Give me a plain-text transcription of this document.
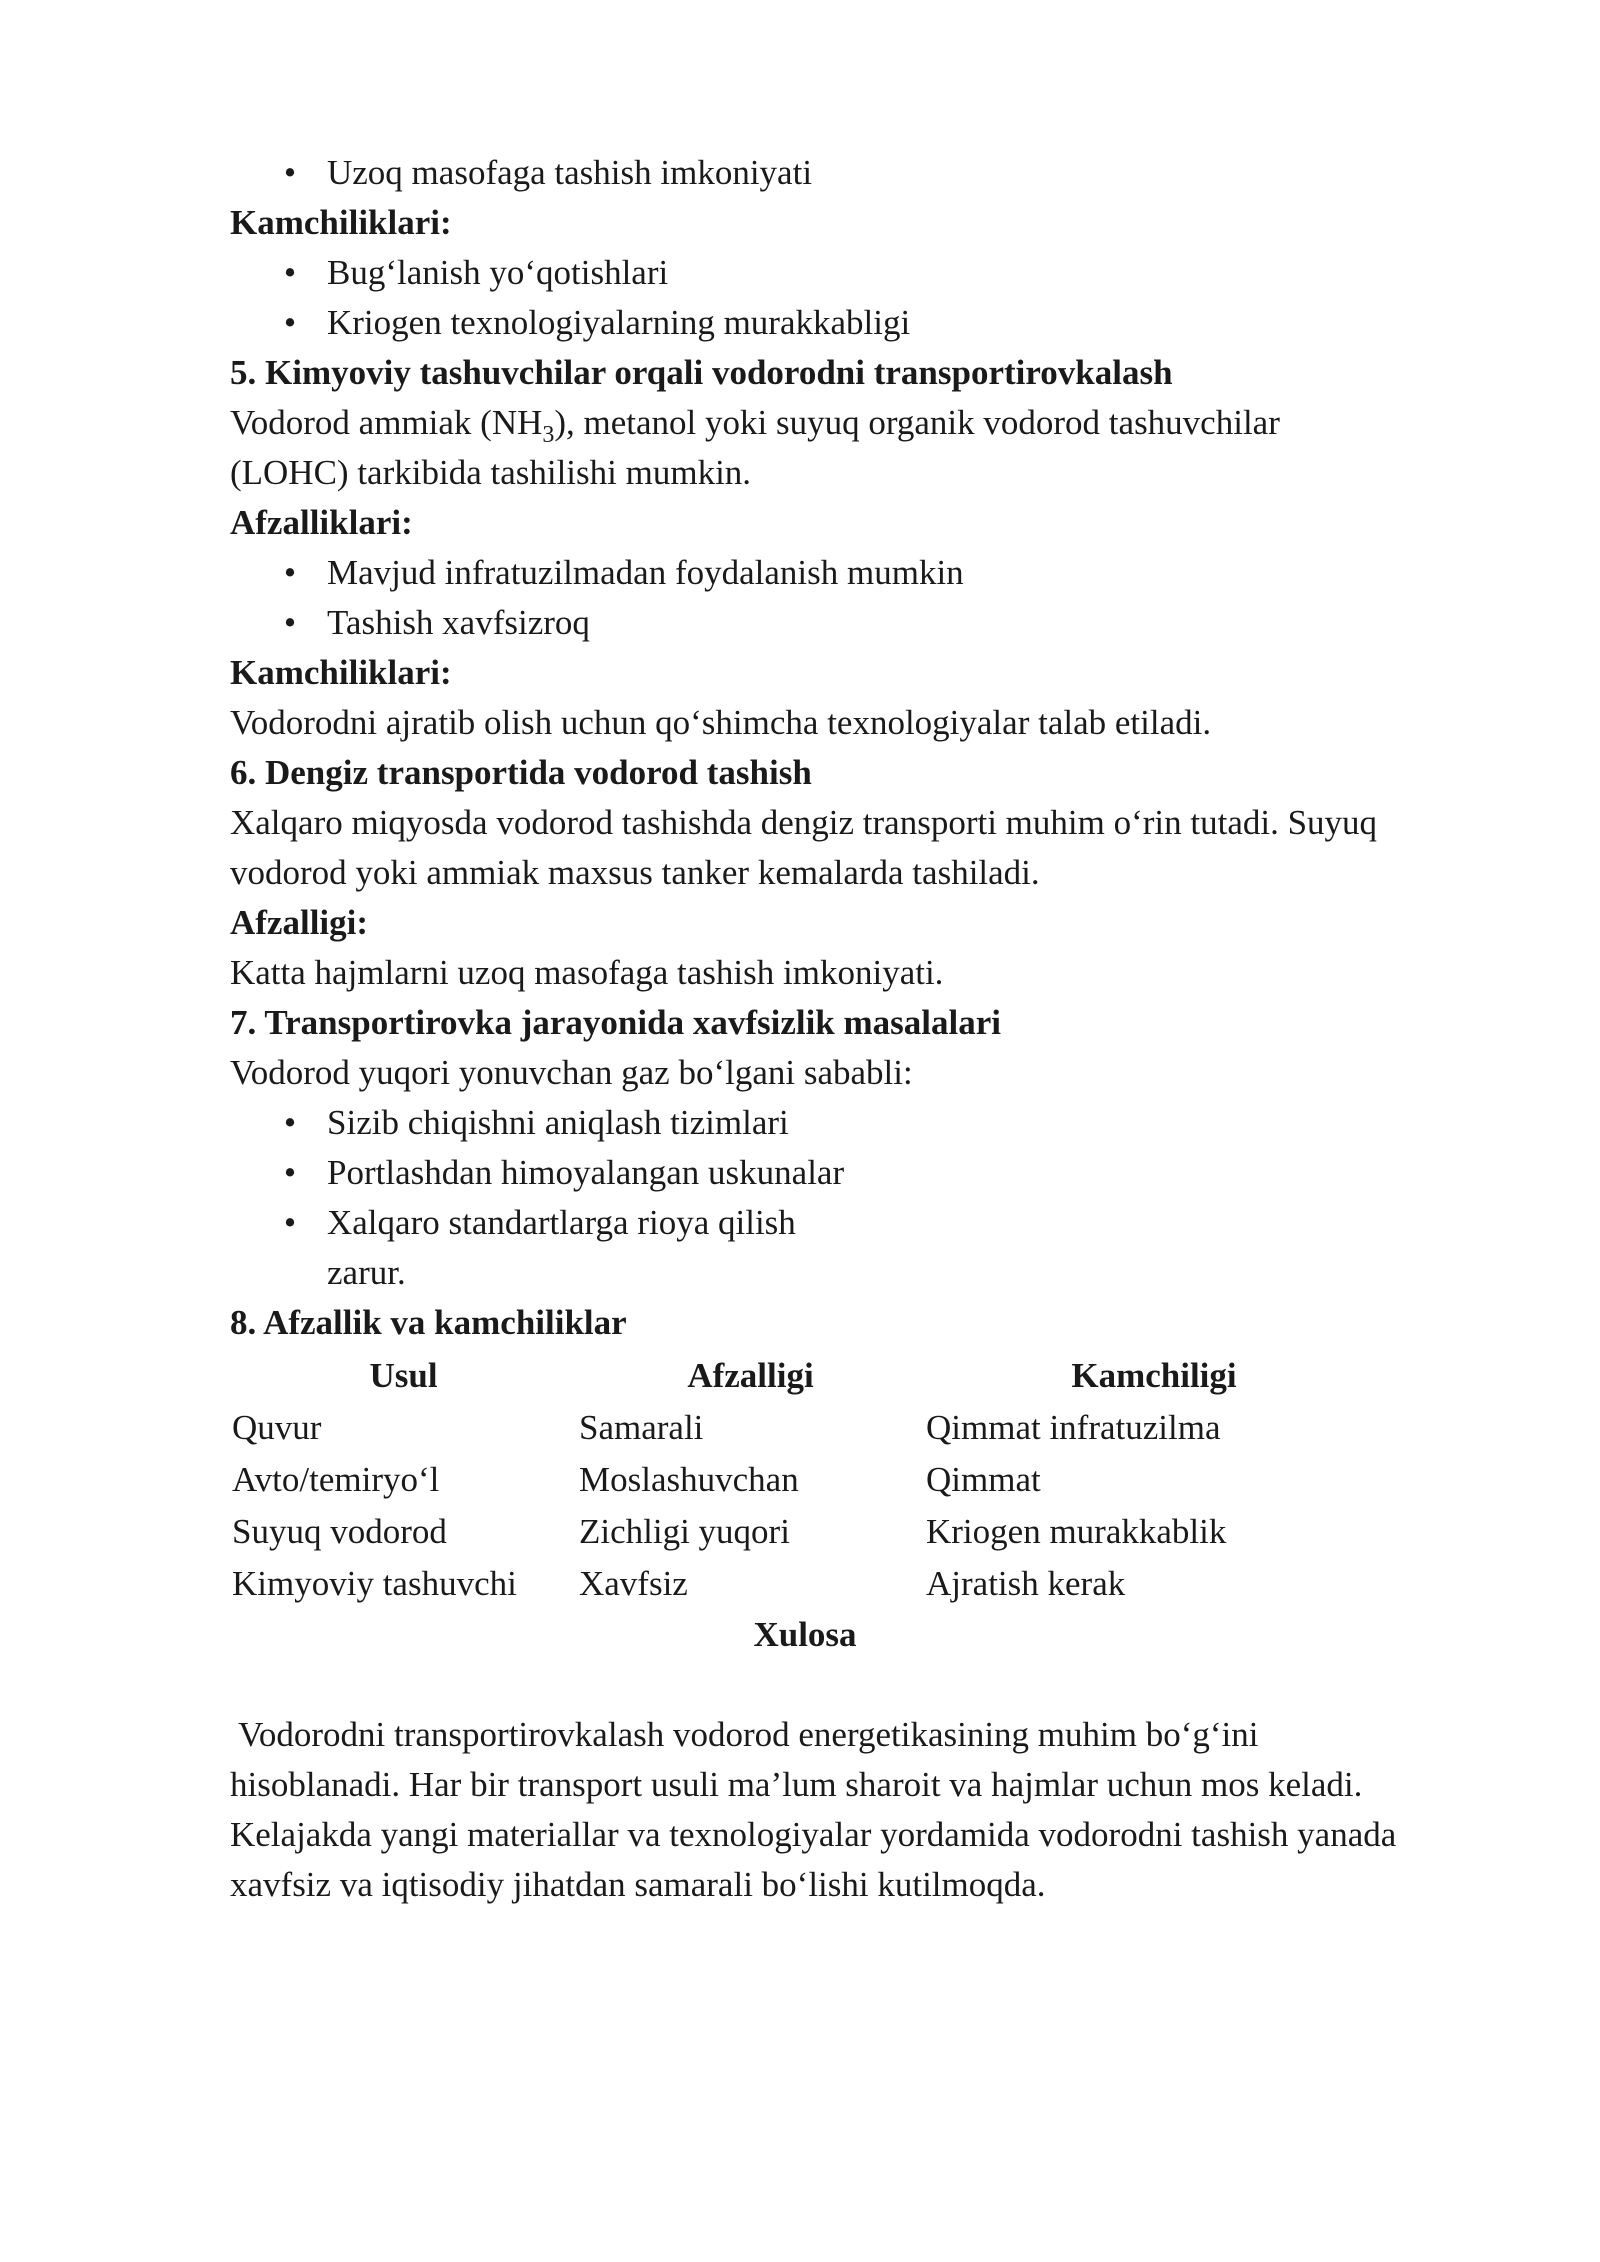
• Uzoq masofaga tashish imkoniyati

Kamchiliklari:

• Bug‘lanish yo‘qotishlari
• Kriogen texnologiyalarning murakkabligi

5. Kimyoviy tashuvchilar orqali vodorodni transportirovkalash

Vodorod ammiak $(NH_3)$, metanol yoki suyuq organik vodorod tashuvchilar

(LOHC) tarkibida tashilishi mumkin.

Afzalliklari:

• Mavjud infratuzilmadan foydalanish mumkin
• Tashish xavfsizroq

Kamchiliklari:

Vodorodni ajratib olish uchun qo‘shimcha texnologiyalar talab etiladi.

6. Dengiz transportida vodorod tashish

Xalqaro miqyosda vodorod tashishda dengiz transporti muhim o‘rin tutadi. Suyuq

vodorod yoki ammiak maxsus tanker kemalarda tashiladi.

Afzalligi:

Katta hajmlarni uzoq masofaga tashish imkoniyati.

7. Transportirovka jarayonida xavfsizlik masalalari

Vodorod yuqori yonuvchan gaz bo‘lgani sababli:

• Sizib chiqishni aniqlash tizimlari
• Portlashdan himoyalangan uskunalar
• Xalqaro standartlarga rioya qilish

zarur.

8. Afzallik va kamchiliklar

Usul	Afzalligi	Kamchiligi
Quvur	Samarali	Qimmat infratuzilma
Avto/temiryo‘l	Moslashuvchan	Qimmat
Suyuq vodorod	Zichligi yuqori	Kriogen murakkablik
Kimyoviy tashuvchi	Xavfsiz	Ajratish kerak

Xulosa

Vodorodni transportirovkalash vodorod energetikasining muhim bo‘g‘ini

hisoblanadi. Har bir transport usuli ma’lum sharoit va hajmlar uchun mos keladi.

Kelajakda yangi materiallar va texnologiyalar yordamida vodorodni tashish yanada

xavfsiz va iqtisodiy jihatdan samarali bo‘lishi kutilmoqda.
